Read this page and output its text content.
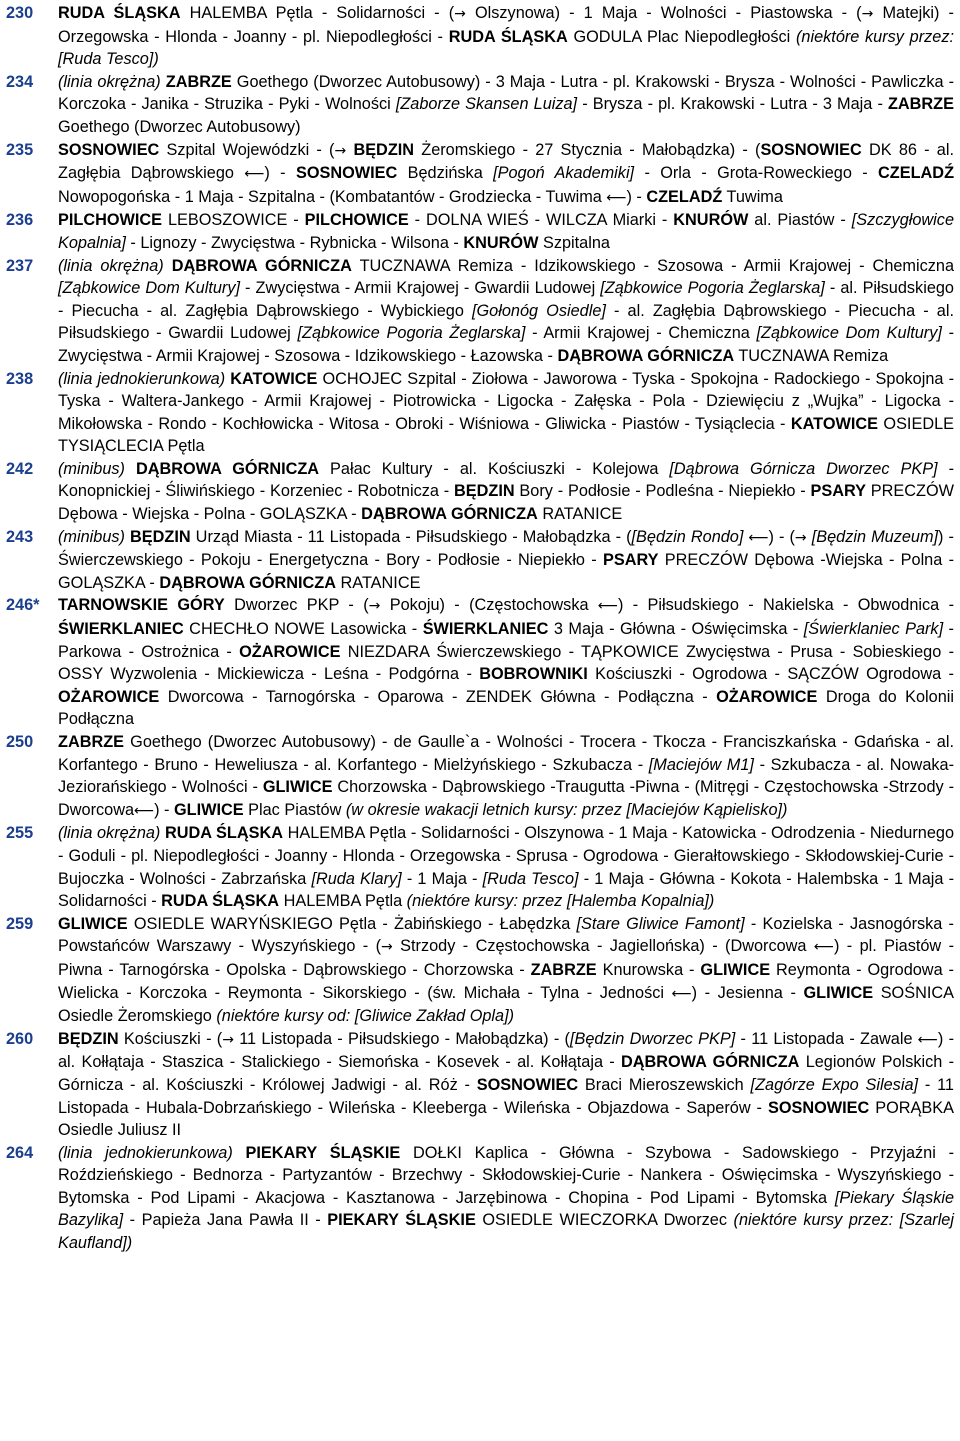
230	RUDA ŚLĄSKA HALEMBA Pętla - Solidarności - (→ Olszynowa) - 1 Maja - Wolności - Piastowska - (→ Matejki) - Orzegowska - Hlonda - Joanny - pl. Niepodległości - RUDA ŚLĄSKA GODULA Plac Niepodległości (niektóre kursy przez: [Ruda Tesco])
234	(linia okrężna) ZABRZE Goethego (Dworzec Autobusowy) - 3 Maja - Lutra - pl. Krakowski - Brysza - Wolności - Pawliczka - Korczoka - Janika - Struzika - Pyki - Wolności [Zaborze Skansen Luiza] - Brysza - pl. Krakowski - Lutra - 3 Maja - ZABRZE Goethego (Dworzec Autobusowy)
235	SOSNOWIEC Szpital Wojewódzki - (→ BĘDZIN Żeromskiego - 27 Stycznia - Małobądzka) - (SOSNOWIEC DK 86 - al. Zagłębia Dąbrowskiego ⟵) - SOSNOWIEC Będzińska [Pogoń Akademiki] - Orla - Grota-Roweckiego - CZELADŹ Nowopogońska - 1 Maja - Szpitalna - (Kombatantów - Grodziecka - Tuwima ⟵) - CZELADŹ Tuwima
236	PILCHOWICE LEBOSZOWICE - PILCHOWICE - DOLNA WIEŚ - WILCZA Miarki - KNURÓW al. Piastów - [Szczygłowice Kopalnia] - Lignozy - Zwycięstwa - Rybnicka - Wilsona - KNURÓW Szpitalna
237	(linia okrężna) DĄBROWA GÓRNICZA TUCZNAWA Remiza - Idzikowskiego - Szosowa - Armii Krajowej - Chemiczna [Ząbkowice Dom Kultury] - Zwycięstwa - Armii Krajowej - Gwardii Ludowej [Ząbkowice Pogoria Żeglarska] - al. Piłsudskiego - Piecucha - al. Zagłębia Dąbrowskiego - Wybickiego [Gołonóg Osiedle] - al. Zagłębia Dąbrowskiego - Piecucha - al. Piłsudskiego - Gwardii Ludowej [Ząbkowice Pogoria Żeglarska] - Armii Krajowej - Chemiczna [Ząbkowice Dom Kultury] - Zwycięstwa - Armii Krajowej - Szosowa - Idzikowskiego - Łazowska - DĄBROWA GÓRNICZA TUCZNAWA Remiza
238	(linia jednokierunkowa) KATOWICE OCHOJEC Szpital - Ziołowa - Jaworowa - Tyska - Spokojna - Radockiego - Spokojna - Tyska - Waltera-Jankego - Armii Krajowej - Piotrowicka - Ligocka - Załęska - Pola - Dziewięciu z „Wujka” - Ligocka - Mikołowska - Rondo - Kochłowicka - Witosa - Obroki - Wiśniowa - Gliwicka - Piastów - Tysiąclecia - KATOWICE OSIEDLE TYSIĄCLECIA Pętla
242	(minibus) DĄBROWA GÓRNICZA Pałac Kultury - al. Kościuszki - Kolejowa [Dąbrowa Górnicza Dworzec PKP] - Konopnickiej - Śliwińskiego - Korzeniec - Robotnicza - BĘDZIN Bory - Podłosie - Podleśna - Niepiekło - PSARY PRECZÓW Dębowa - Wiejska - Polna - GOLĄSZKA - DĄBROWA GÓRNICZA RATANICE
243	(minibus) BĘDZIN Urząd Miasta - 11 Listopada - Piłsudskiego - Małobądzka - ([Będzin Rondo] ⟵) - (→ [Będzin Muzeum]) - Świerczewskiego - Pokoju - Energetyczna - Bory - Podłosie - Niepiekło - PSARY PRECZÓW Dębowa -Wiejska - Polna - GOLĄSZKA - DĄBROWA GÓRNICZA RATANICE
246*	TARNOWSKIE GÓRY Dworzec PKP - (→ Pokoju) - (Częstochowska ⟵) - Piłsudskiego - Nakielska - Obwodnica - ŚWIERKLANIEC CHECHŁO NOWE Lasowicka - ŚWIERKLANIEC 3 Maja - Główna - Oświęcimska - [Świerklaniec Park] - Parkowa - Ostrożnica - OŻAROWICE NIEZDARA Świerczewskiego - TĄPKOWICE Zwycięstwa - Prusa - Sobieskiego - OSSY Wyzwolenia - Mickiewicza - Leśna - Podgórna - BOBROWNIKI Kościuszki - Ogrodowa - SĄCZÓW Ogrodowa - OŻAROWICE Dworcowa - Tarnogórska - Oparowa - ZENDEK Główna - Podłączna - OŻAROWICE Droga do Kolonii Podłączna
250	ZABRZE Goethego (Dworzec Autobusowy) - de Gaulle`a - Wolności - Trocera - Tkocza - Franciszkańska - Gdańska - al. Korfantego - Bruno - Heweliusza - al. Korfantego - Mielżyńskiego - Szkubacza - [Maciejów M1] - Szkubacza - al. Nowaka-Jeziorańskiego - Wolności - GLIWICE Chorzowska - Dąbrowskiego -Traugutta -Piwna - (Mitręgi - Częstochowska -Strzody - Dworcowa⟵) - GLIWICE Plac Piastów (w okresie wakacji letnich kursy: przez [Maciejów Kąpielisko])
255	(linia okrężna) RUDA ŚLĄSKA HALEMBA Pętla - Solidarności - Olszynowa - 1 Maja - Katowicka - Odrodzenia - Niedurnego - Goduli - pl. Niepodległości - Joanny - Hlonda - Orzegowska - Sprusa - Ogrodowa - Gierałtowskiego - Skłodowskiej-Curie - Bujoczka - Wolności - Zabrzańska [Ruda Klary] - 1 Maja - [Ruda Tesco] - 1 Maja - Główna - Kokota - Halembska - 1 Maja - Solidarności - RUDA ŚLĄSKA HALEMBA Pętla (niektóre kursy: przez [Halemba Kopalnia])
259	GLIWICE OSIEDLE WARYŃSKIEGO Pętla - Żabińskiego - Łabędzka [Stare Gliwice Famont] - Kozielska - Jasnogórska - Powstańców Warszawy - Wyszyńskiego - (→ Strzody - Częstochowska - Jagiellońska) - (Dworcowa ⟵) - pl. Piastów - Piwna - Tarnogórska - Opolska - Dąbrowskiego - Chorzowska - ZABRZE Knurowska - GLIWICE Reymonta - Ogrodowa - Wielicka - Korczoka - Reymonta - Sikorskiego - (św. Michała - Tylna - Jedności ⟵) - Jesienna - GLIWICE SOŚNICA Osiedle Żeromskiego (niektóre kursy od: [Gliwice Zakład Opla])
260	BĘDZIN Kościuszki - (→ 11 Listopada - Piłsudskiego - Małobądzka) - ([Będzin Dworzec PKP] - 11 Listopada - Zawale ⟵) - al. Kołłątaja - Staszica - Stalickiego - Siemońska - Kosevek - al. Kołłątaja - DĄBROWA GÓRNICZA Legionów Polskich - Górnicza - al. Kościuszki - Królowej Jadwigi - al. Róż - SOSNOWIEC Braci Mieroszewskich [Zagórze Expo Silesia] - 11 Listopada - Hubala-Dobrzańskiego - Wileńska - Kleeberga - Wileńska - Objazdowa - Saperów - SOSNOWIEC PORĄBKA Osiedle Juliusz II
264	(linia jednokierunkowa) PIEKARY ŚLĄSKIE DOŁKI Kaplica - Główna - Szybowa - Sadowskiego - Przyjaźni - Roździeńskiego - Bednorza - Partyzantów - Brzechwy - Skłodowskiej-Curie - Nankera - Oświęcimska - Wyszyńskiego - Bytomska - Pod Lipami - Akacjowa - Kasztanowa - Jarzębinowa - Chopina - Pod Lipami - Bytomska [Piekary Śląskie Bazylika] - Papieża Jana Pawła II - PIEKARY ŚLĄSKIE OSIEDLE WIECZORKA Dworzec (niektóre kursy przez: [Szarlej Kaufland])
